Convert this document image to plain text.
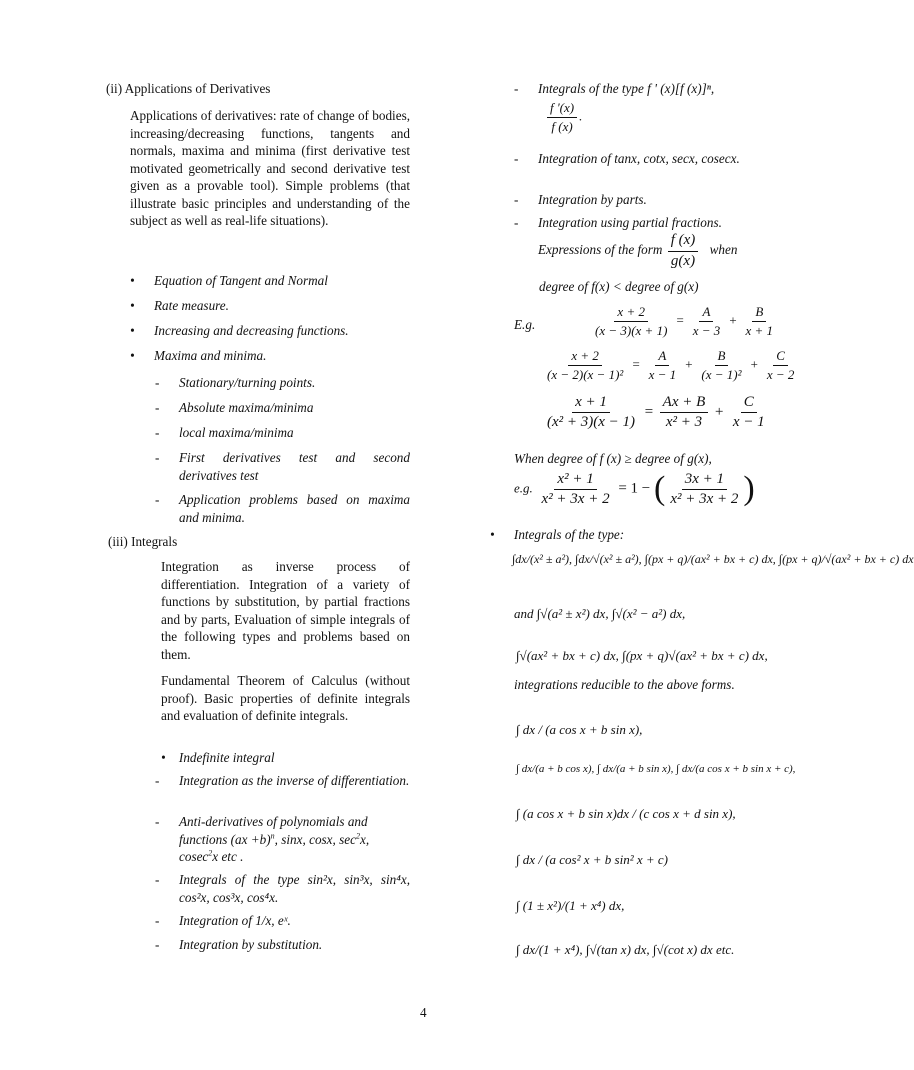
(ii) Applications of Derivatives
Applications of derivatives: rate of change of bodies, increasing/decreasing functions, tangents and normals, maxima and minima (first derivative test motivated geometrically and second derivative test given as a provable tool). Simple problems (that illustrate basic principles and understanding of the subject as well as real-life situations).
• Equation of Tangent and Normal
• Rate measure.
• Increasing and decreasing functions.
• Maxima and minima.
- Stationary/turning points.
- Absolute maxima/minima
- local maxima/minima
- First derivatives test and second derivatives test
- Application problems based on maxima and minima.
(iii) Integrals
Integration as inverse process of differentiation. Integration of a variety of functions by substitution, by partial fractions and by parts, Evaluation of simple integrals of the following types and problems based on them.
Fundamental Theorem of Calculus (without proof). Basic properties of definite integrals and evaluation of definite integrals.
• Indefinite integral
- Integration as the inverse of differentiation.
- Anti-derivatives of polynomials and
functions (ax +b)$^n$, sinx, cosx, $\sec^2x$,
cosec$^2$x etc .
- Integrals of the type sin²x, sin³x, sin⁴x, cos²x, cos³x, cos⁴x.
- Integration of 1/x, eˣ.
- Integration by substitution.
- Integrals of the type f ' (x)[f (x)]ⁿ,
$\frac{f '(x)}{f (x)}$ .
- Integration of tanx, cotx, secx, cosecx.
- Integration by parts.
- Integration using partial fractions.
Expressions of the form $\frac{f (x)}{g(x)}$ when
degree of f(x) < degree of g(x)
E.g.	$\frac{x + 2}{(x - 3)(x + 1)} = \frac{A}{x - 3} + \frac{B}{x + 1}$
$\frac{x + 2}{\text{(x − 2)(x − 1)²}} = \frac{A}{x - 1} + \frac{B}{\text{(x − 1)²}} + \frac{C}{x - 2}$
$\frac{x + 1}{\text{(x² + 3)(x − 1)}} = \frac{Ax + B}{\text{x² + 3}} + \frac{C}{x - 1}$
When degree of f (x) ≥ degree of g(x),
e.g. $\frac{\text{x² + 1}}{\text{x² + 3x + 2}} = 1$ − ( $\frac{3x + 1}{\text{x² + 3x + 2}}$ )
• Integrals of the type:
∫dx/(x² ± a²), ∫dx/√(x² ± a²), ∫(px + q)/(ax² + bx + c) dx, ∫(px + q)/√(ax² + bx + c) dx
and ∫√(a² ± x²) dx, ∫√(x² − a²) dx,
∫√(ax² + bx + c) dx, ∫(px + q)√(ax² + bx + c) dx,
integrations reducible to the above forms.
∫ dx / (a cos x + b sin x),
∫ dx/(a + b cos x), ∫ dx/(a + b sin x), ∫ dx/(a cos x + b sin x + c),
∫ (a cos x + b sin x)dx / (c cos x + d sin x),
∫ dx / (a cos² x + b sin² x + c)
∫ (1 ± x²)/(1 + x⁴) dx,
∫ dx/(1 + x⁴), ∫√(tan x) dx, ∫√(cot x) dx etc.
4
